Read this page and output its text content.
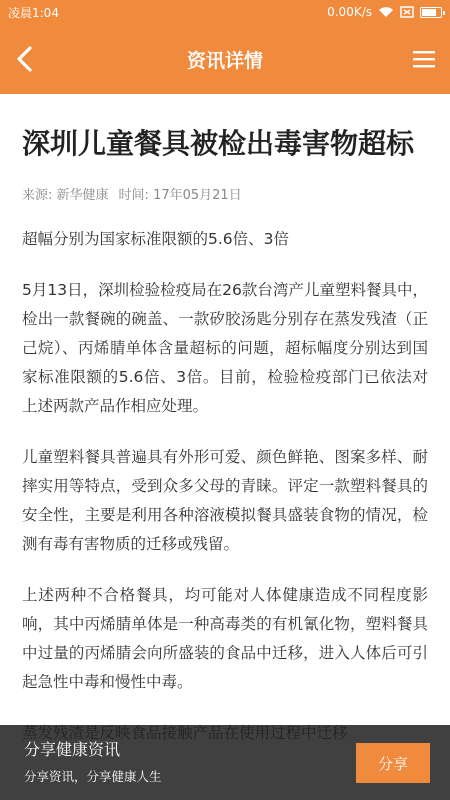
凌晨1:04	0.00K/s
资讯详情
深圳儿童餐具被检出毒害物超标
来源: 新华健康 时间: 17年05月21日

超幅分别为国家标准限额的5.6倍、3倍

5月13日，深圳检验检疫局在26款台湾产儿童塑料餐具中，检出一款餐碗的碗盖、一款矽胶汤匙分别存在蒸发残渣（正己烷）、丙烯腈单体含量超标的问题，超标幅度分别达到国家标准限额的5.6倍、3倍。目前，检验检疫部门已依法对上述两款产品作相应处理。

儿童塑料餐具普遍具有外形可爱、颜色鲜艳、图案多样、耐摔实用等特点，受到众多父母的青睐。评定一款塑料餐具的安全性，主要是利用各种溶液模拟餐具盛装食物的情况，检测有毒有害物质的迁移或残留。

上述两种不合格餐具，均可能对人体健康造成不同程度影响，其中丙烯腈单体是一种高毒类的有机氰化物，塑料餐具中过量的丙烯腈会向所盛装的食品中迁移，进入人体后可引起急性中毒和慢性中毒。

分享健康资讯
分享资讯，分享健康人生
分享
